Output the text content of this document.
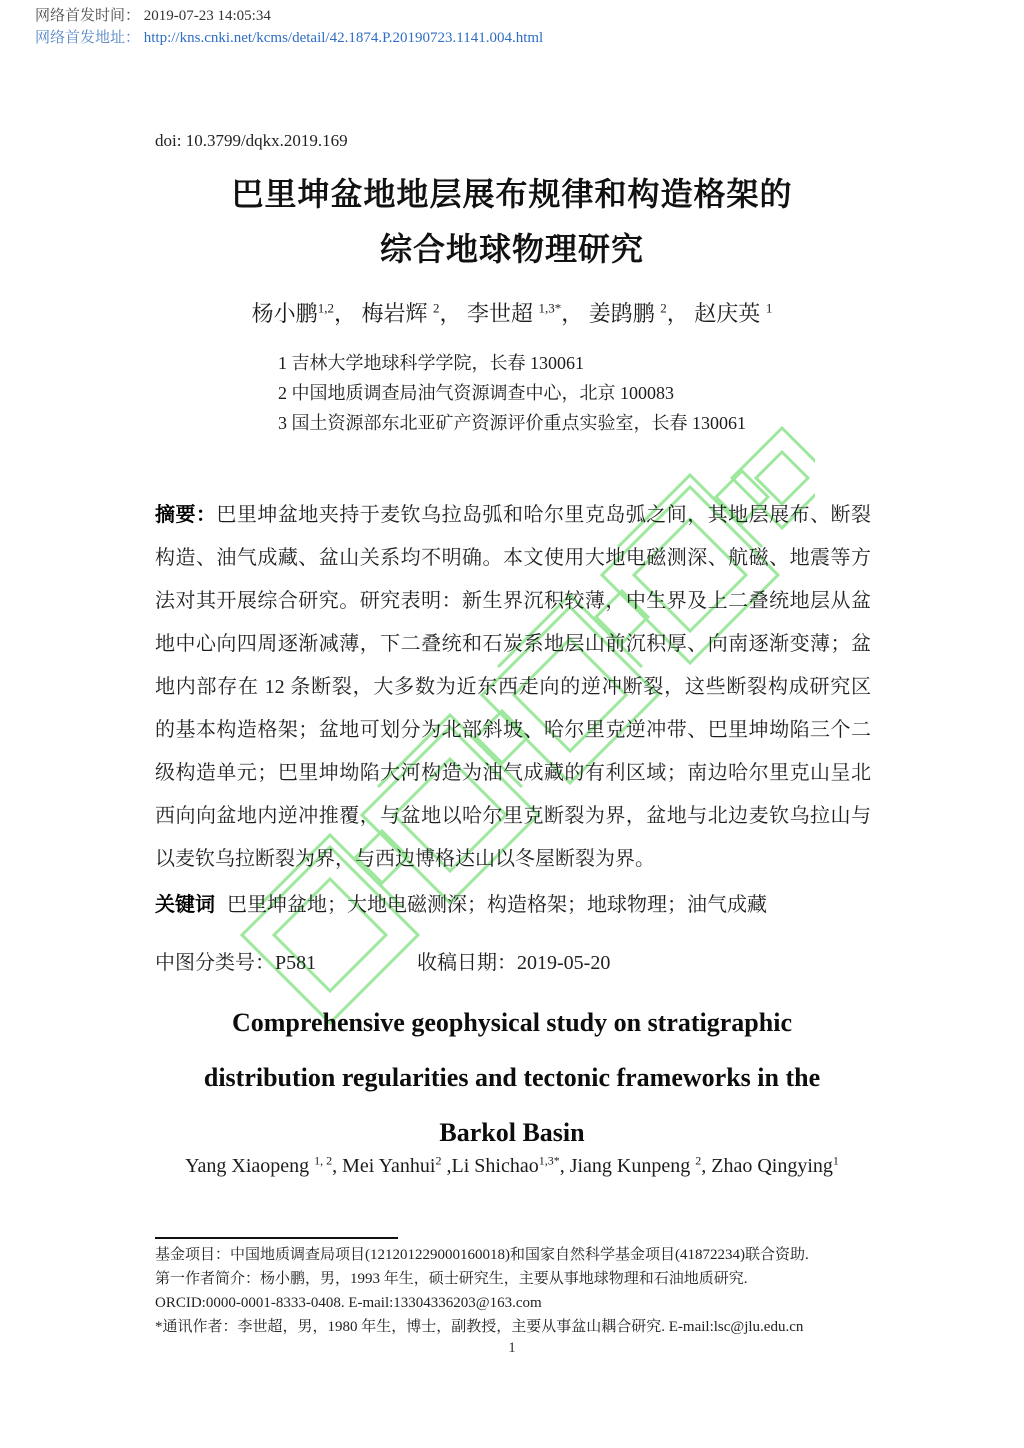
网络首发时间： 2019-07-23 14:05:34
网络首发地址： http://kns.cnki.net/kcms/detail/42.1874.P.20190723.1141.004.html
doi: 10.3799/dqkx.2019.169
巴里坤盆地地层展布规律和构造格架的
综合地球物理研究
杨小鹏$^{1,2}$， 梅岩辉 $^2$， 李世超 $^{1,3*}$， 姜鹍鹏 $^2$， 赵庆英 $^1$
1 吉林大学地球科学学院，长春 130061
2 中国地质调查局油气资源调查中心，北京 100083
3 国土资源部东北亚矿产资源评价重点实验室，长春 130061
摘要：巴里坤盆地夹持于麦钦乌拉岛弧和哈尔里克岛弧之间，其地层展布、断裂
构造、油气成藏、盆山关系均不明确。本文使用大地电磁测深、航磁、地震等方
法对其开展综合研究。研究表明：新生界沉积较薄，中生界及上二叠统地层从盆
地中心向四周逐渐减薄，下二叠统和石炭系地层山前沉积厚、向南逐渐变薄；盆
地内部存在 12 条断裂，大多数为近东西走向的逆冲断裂，这些断裂构成研究区
的基本构造格架；盆地可划分为北部斜坡、哈尔里克逆冲带、巴里坤坳陷三个二
级构造单元；巴里坤坳陷大河构造为油气成藏的有利区域；南边哈尔里克山呈北
西向向盆地内逆冲推覆，与盆地以哈尔里克断裂为界，盆地与北边麦钦乌拉山与
以麦钦乌拉断裂为界，与西边博格达山以冬屋断裂为界。
关键词 巴里坤盆地；大地电磁测深；构造格架；地球物理；油气成藏
中图分类号：P581	收稿日期：2019-05-20
Comprehensive geophysical study on stratigraphic
distribution regularities and tectonic frameworks in the
Barkol Basin
Yang Xiaopeng $^{1, 2}$, Mei Yanhui$^2$ ,Li Shichao$^{1,3*}$, Jiang Kunpeng $^2$, Zhao Qingying$^1$
基金项目：中国地质调查局项目(121201229000160018)和国家自然科学基金项目(41872234)联合资助.
第一作者简介：杨小鹏，男，1993 年生，硕士研究生，主要从事地球物理和石油地质研究.
ORCID:0000-0001-8333-0408. E-mail:13304336203@163.com
*通讯作者：李世超，男，1980 年生，博士，副教授，主要从事盆山耦合研究. E-mail:lsc@jlu.edu.cn
1
